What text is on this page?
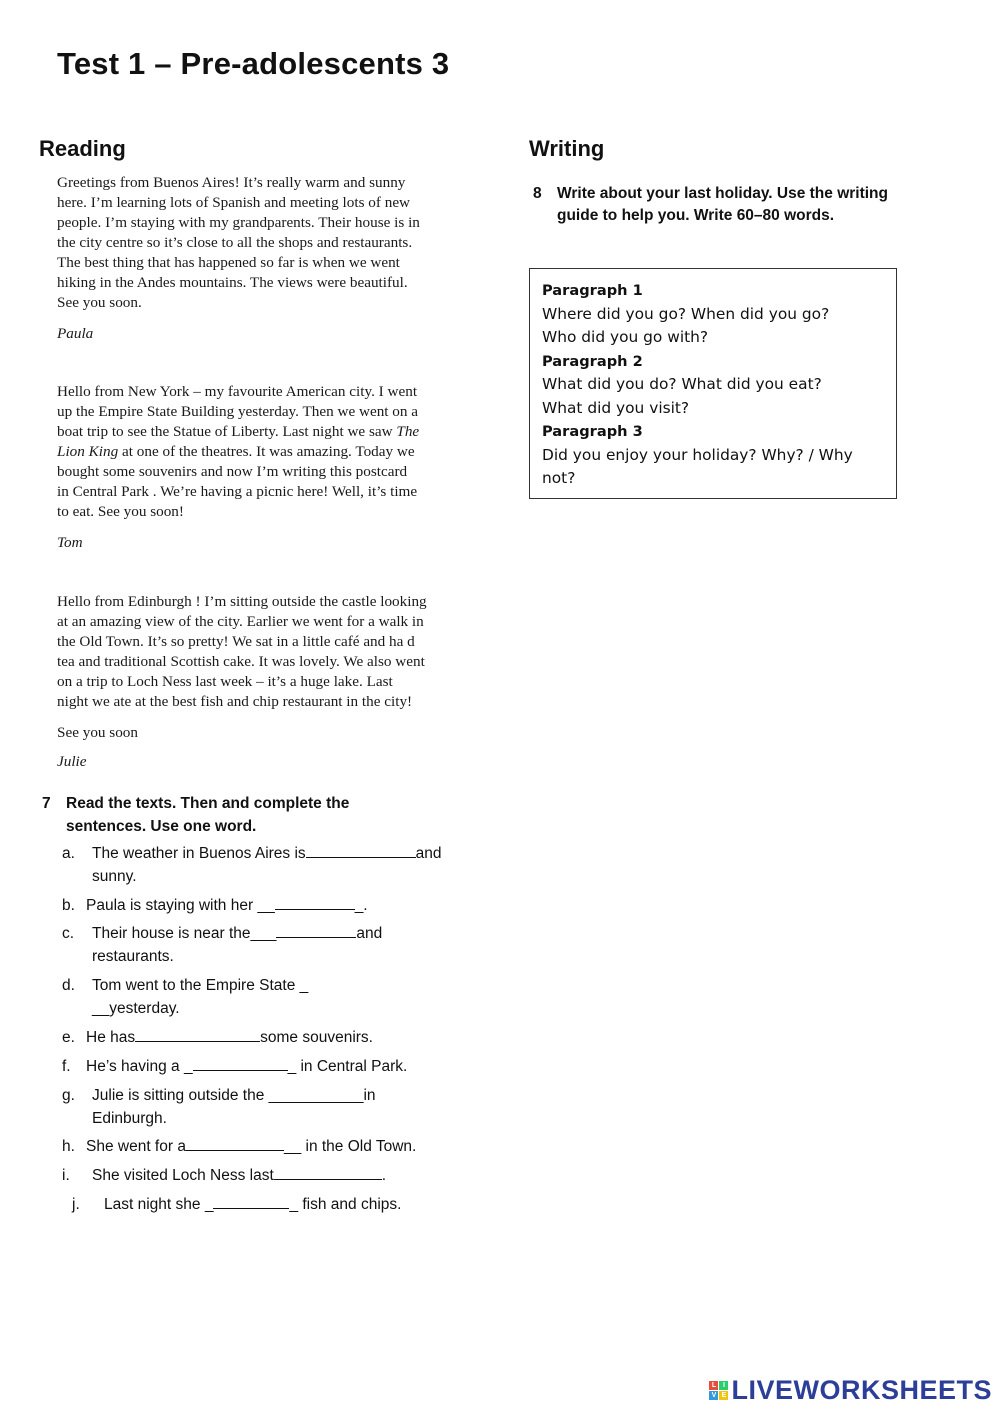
Test 1 – Pre-adolescents 3
Reading

Greetings from Buenos Aires! It’s really warm and sunny

here. I’m learning lots of Spanish and meeting lots of new

people. I’m staying with my grandparents. Their house is in

the city centre so it’s close to all the shops and restaurants.

The best thing that has happened so far is when we went

hiking in the Andes mountains. The views were beautiful.

See you soon.

Paula

Hello from New York – my favourite American city. I went

up the Empire State Building yesterday. Then we went on a

boat trip to see the Statue of Liberty. Last night we saw The

Lion King at one of the theatres. It was amazing. Today we

bought some souvenirs and now I’m writing this postcard

in Central Park . We’re having a picnic here! Well, it’s time

to eat. See you soon!

Tom

Hello from Edinburgh ! I’m sitting outside the castle looking

at an amazing view of the city. Earlier we went for a walk in

the Old Town. It’s so pretty! We sat in a little café and ha d

tea and traditional Scottish cake. It was lovely. We also went

on a trip to Loch Ness last week – it’s a huge lake. Last

night we ate at the best fish and chip restaurant in the city!

See you soon
Julie
7 Read the texts. Then and complete the
sentences. Use one word.
a. The weather in Buenos Aires is	and
sunny.
b. Paula is staying with her __	_.
c. Their house is near the___	and
restaurants.
d. Tom went to the Empire State _
__yesterday.
e. He has	some souvenirs.
f. He’s having a _	_ in Central Park.
g. Julie is sitting outside the ___________in
Edinburgh.
h. She went for a	__ in the Old Town.
i. She visited Loch Ness last	.
j. Last night she _	_ fish and chips.
Writing
8 Write about your last holiday. Use the writing
guide to help you. Write 60–80 words.
Paragraph 1
Where did you go? When did you go?
Who did you go with?
Paragraph 2
What did you do? What did you eat?
What did you visit?
Paragraph 3
Did you enjoy your holiday? Why? / Why
not?
L I
V E LIVEWORKSHEETS
